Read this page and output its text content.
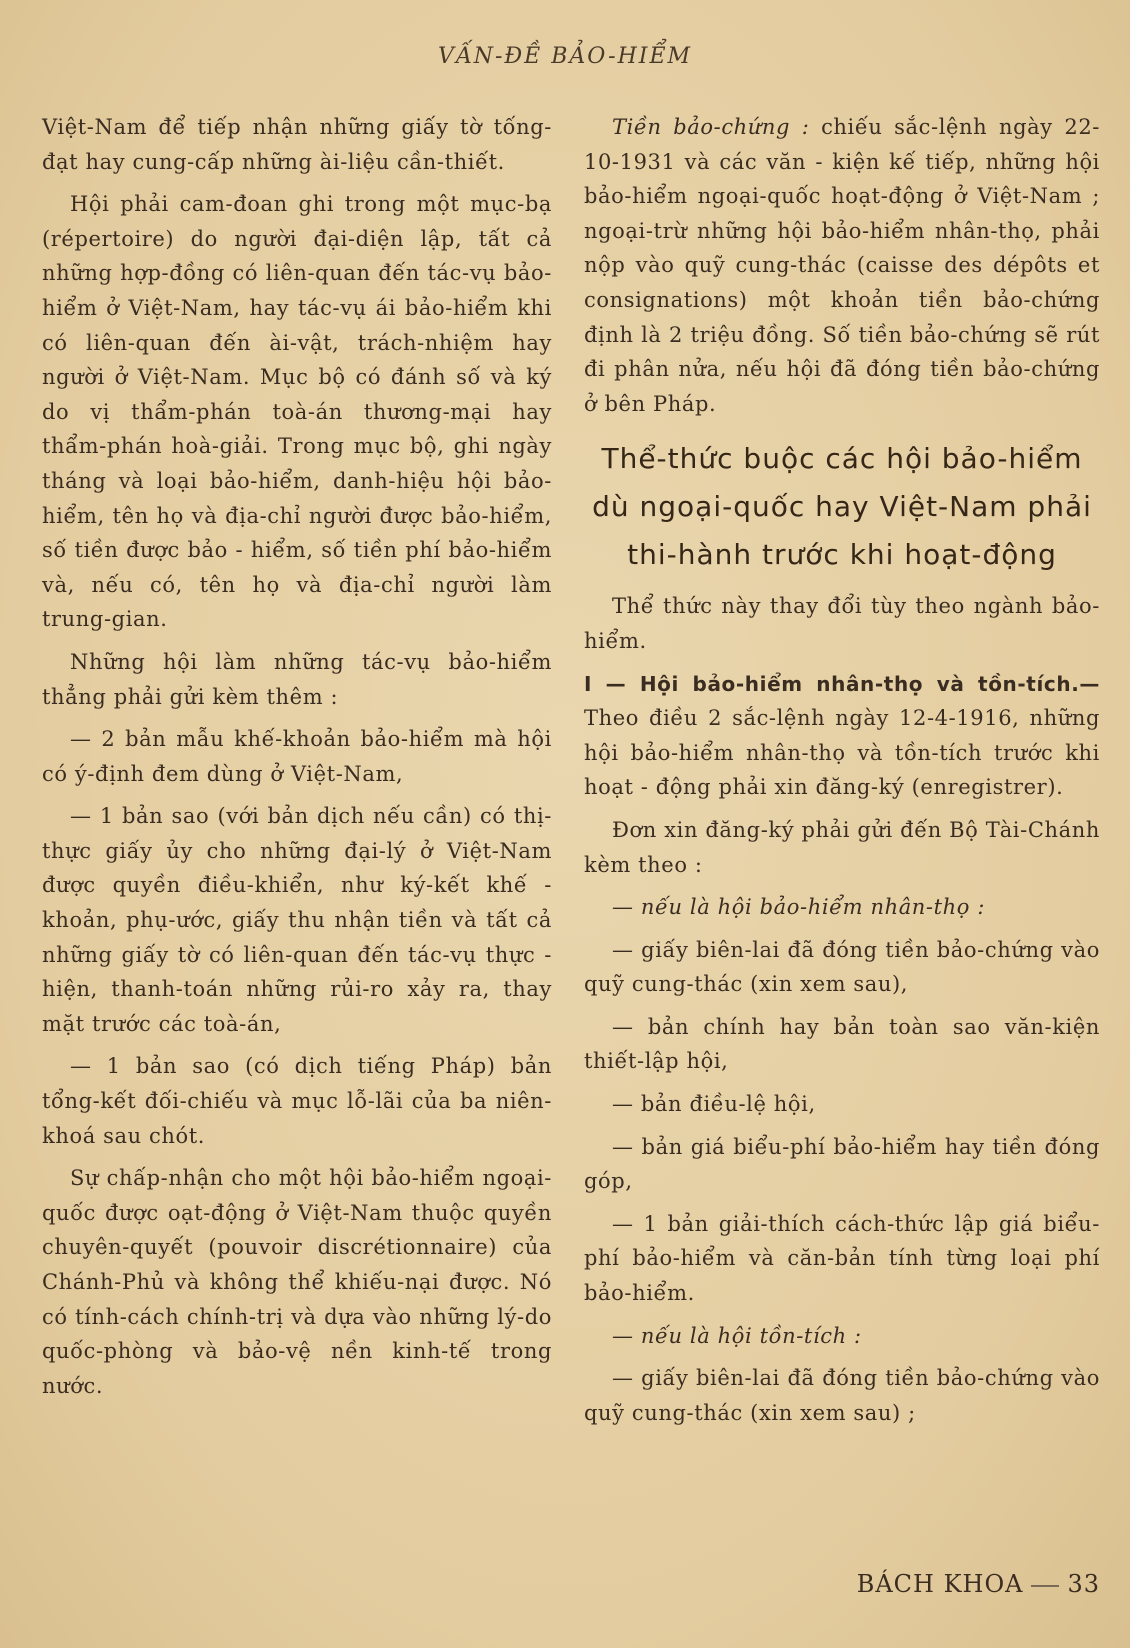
VẤN-ĐỀ BẢO-HIỂM

Việt-Nam để tiếp nhận những giấy tờ tống-đạt hay cung-cấp những ài-liệu cần-thiết.

Hội phải cam-đoan ghi trong một mục-bạ (répertoire) do người đại-diện lập, tất cả những hợp-đồng có liên-quan đến tác-vụ bảo-hiểm ở Việt-Nam, hay tác-vụ ái bảo-hiểm khi có liên-quan đến ài-vật, trách-nhiệm hay người ở Việt-Nam. Mục bộ có đánh số và ký do vị thẩm-phán toà-án thương-mại hay thẩm-phán hoà-giải. Trong mục bộ, ghi ngày tháng và loại bảo-hiểm, danh-hiệu hội bảo-hiểm, tên họ và địa-chỉ người được bảo-hiểm, số tiền được bảo - hiểm, số tiền phí bảo-hiểm và, nếu có, tên họ và địa-chỉ người làm trung-gian.

Những hội làm những tác-vụ bảo-hiểm thẳng phải gửi kèm thêm :

— 2 bản mẫu khế-khoản bảo-hiểm mà hội có ý-định đem dùng ở Việt-Nam,

— 1 bản sao (với bản dịch nếu cần) có thị-thực giấy ủy cho những đại-lý ở Việt-Nam được quyền điều-khiển, như ký-kết khế - khoản, phụ-ước, giấy thu nhận tiền và tất cả những giấy tờ có liên-quan đến tác-vụ thực - hiện, thanh-toán những rủi-ro xảy ra, thay mặt trước các toà-án,

— 1 bản sao (có dịch tiếng Pháp) bản tổng-kết đối-chiếu và mục lỗ-lãi của ba niên-khoá sau chót.

Sự chấp-nhận cho một hội bảo-hiểm ngoại-quốc được oạt-động ở Việt-Nam thuộc quyền chuyên-quyết (pouvoir discrétionnaire) của Chánh-Phủ và không thể khiếu-nại được. Nó có tính-cách chính-trị và dựa vào những lý-do quốc-phòng và bảo-vệ nền kinh-tế trong nước.

Tiền bảo-chứng : chiếu sắc-lệnh ngày 22-10-1931 và các văn - kiện kế tiếp, những hội bảo-hiểm ngoại-quốc hoạt-động ở Việt-Nam ; ngoại-trừ những hội bảo-hiểm nhân-thọ, phải nộp vào quỹ cung-thác (caisse des dépôts et consignations) một khoản tiền bảo-chứng định là 2 triệu đồng. Số tiền bảo-chứng sẽ rút đi phân nửa, nếu hội đã đóng tiền bảo-chứng ở bên Pháp.

Thể-thức buộc các hội bảo-hiểm dù ngoại-quốc hay Việt-Nam phải thi-hành trước khi hoạt-động

Thể thức này thay đổi tùy theo ngành bảo-hiểm.

I — Hội bảo-hiểm nhân-thọ và tồn-tích.— Theo điều 2 sắc-lệnh ngày 12-4-1916, những hội bảo-hiểm nhân-thọ và tồn-tích trước khi hoạt - động phải xin đăng-ký (enregistrer).

Đơn xin đăng-ký phải gửi đến Bộ Tài-Chánh kèm theo :

— nếu là hội bảo-hiểm nhân-thọ :

— giấy biên-lai đã đóng tiền bảo-chứng vào quỹ cung-thác (xin xem sau),

— bản chính hay bản toàn sao văn-kiện thiết-lập hội,

— bản điều-lệ hội,

— bản giá biểu-phí bảo-hiểm hay tiền đóng góp,

— 1 bản giải-thích cách-thức lập giá biểu-phí bảo-hiểm và căn-bản tính từng loại phí bảo-hiểm.

— nếu là hội tồn-tích :

— giấy biên-lai đã đóng tiền bảo-chứng vào quỹ cung-thác (xin xem sau) ;

BÁCH KHOA 33
